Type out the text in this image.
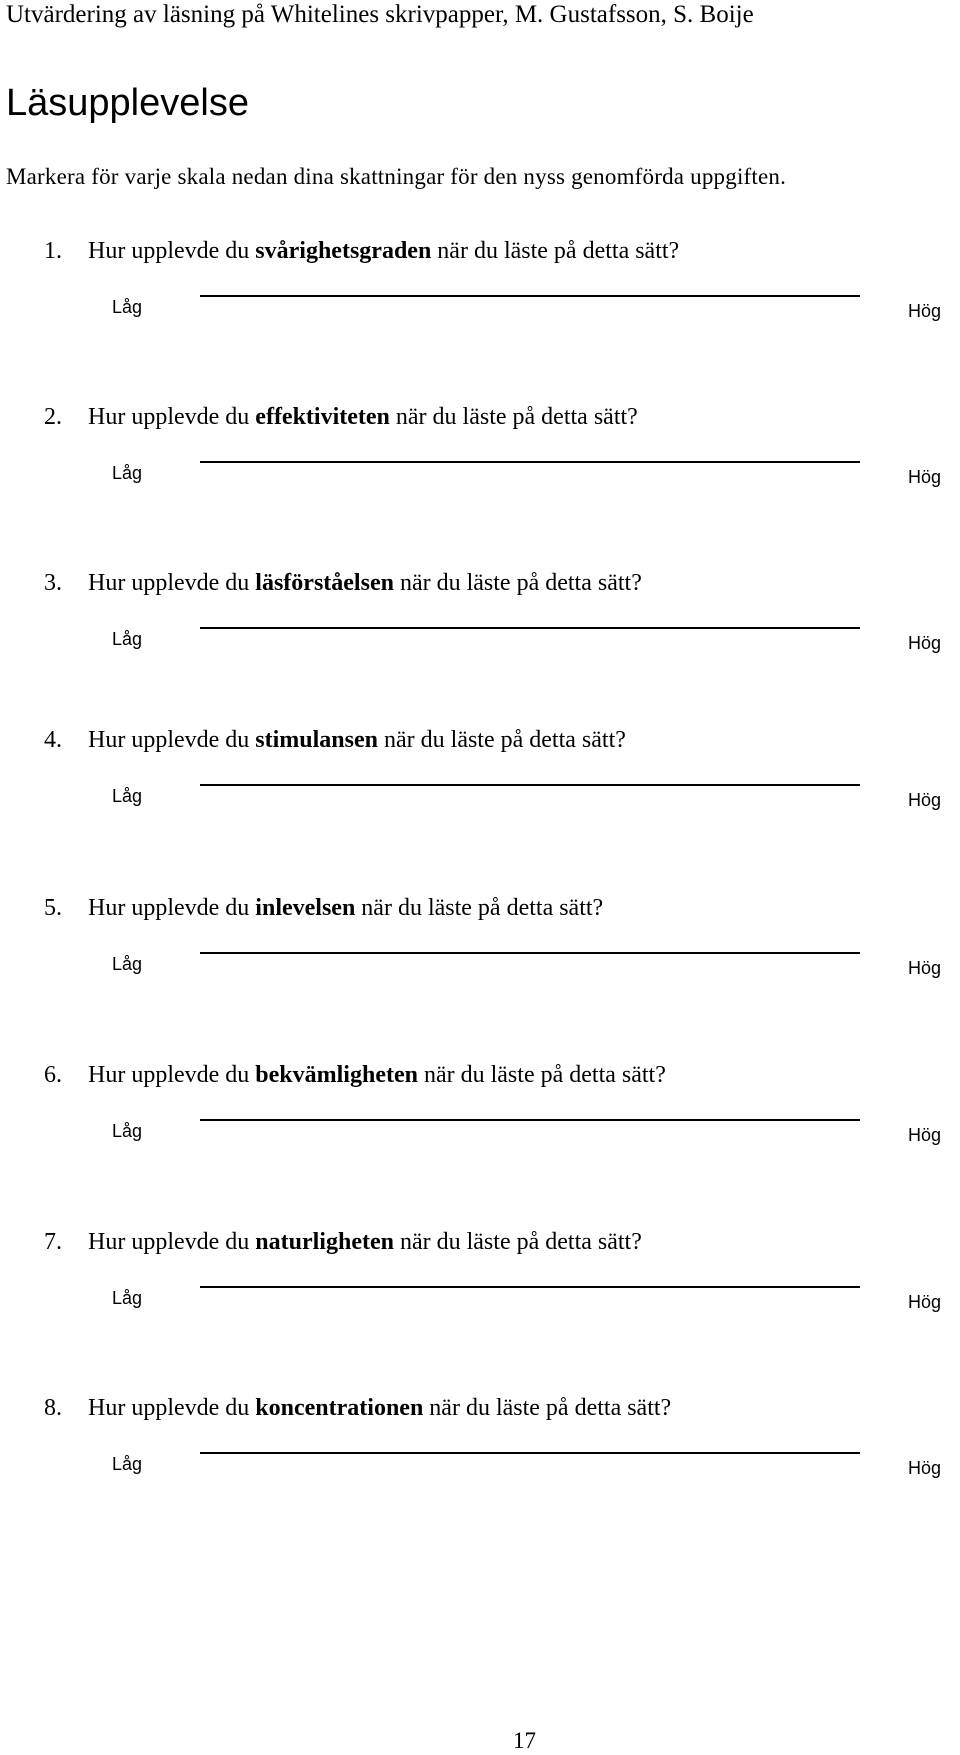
Utvärdering av läsning på Whitelines skrivpapper, M. Gustafsson, S. Boije
Läsupplevelse
Markera för varje skala nedan dina skattningar för den nyss genomförda uppgiften.
1. Hur upplevde du svårighetsgraden när du läste på detta sätt?
Låg	Hög
2. Hur upplevde du effektiviteten när du läste på detta sätt?
Låg	Hög
3. Hur upplevde du läsförståelsen när du läste på detta sätt?
Låg	Hög
4. Hur upplevde du stimulansen när du läste på detta sätt?
Låg	Hög
5. Hur upplevde du inlevelsen när du läste på detta sätt?
Låg	Hög
6. Hur upplevde du bekvämligheten när du läste på detta sätt?
Låg	Hög
7. Hur upplevde du naturligheten när du läste på detta sätt?
Låg	Hög
8. Hur upplevde du koncentrationen när du läste på detta sätt?
Låg	Hög
17
